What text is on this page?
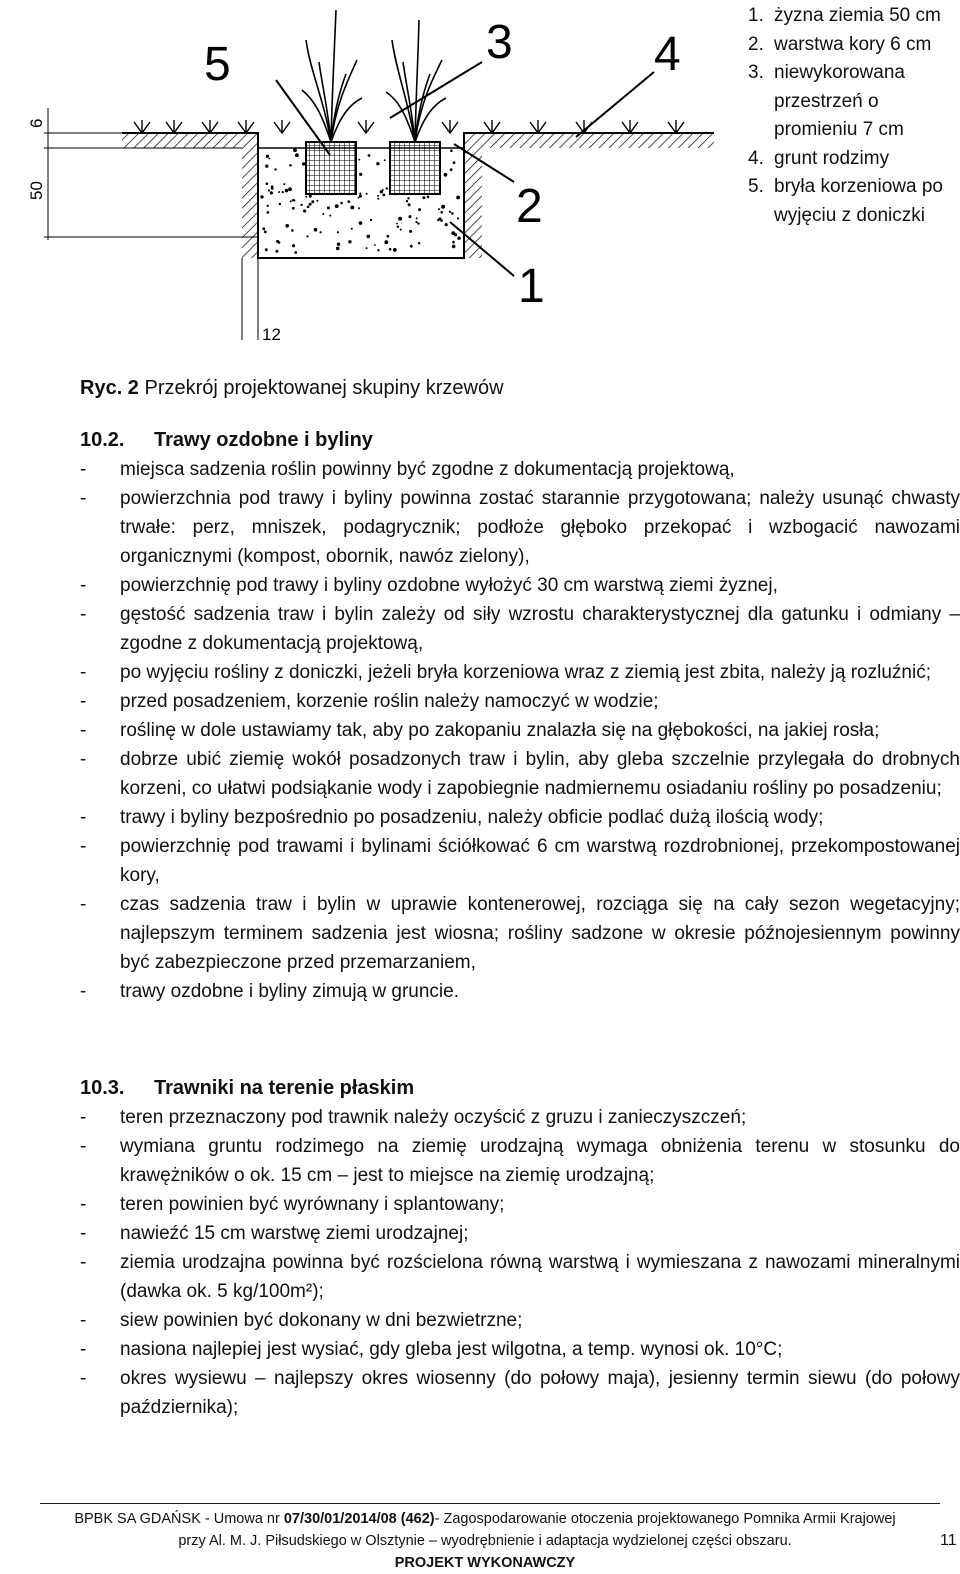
5	3	4
2
1
6
50
12
1. żyzna ziemia 50 cm
2. warstwa kory 6 cm
3. niewykorowana przestrzeń o promieniu 7 cm
4. grunt rodzimy
5. bryła korzeniowa po wyjęciu z doniczki
Ryc. 2 Przekrój projektowanej skupiny krzewów
10.2. Trawy ozdobne i byliny
- miejsca sadzenia roślin powinny być zgodne z dokumentacją projektową,
- powierzchnia pod trawy i byliny powinna zostać starannie przygotowana; należy usunąć chwasty trwałe: perz, mniszek, podagrycznik; podłoże głęboko przekopać i wzbogacić nawozami organicznymi (kompost, obornik, nawóz zielony),
- powierzchnię pod trawy i byliny ozdobne wyłożyć 30 cm warstwą ziemi żyznej,
- gęstość sadzenia traw i bylin zależy od siły wzrostu charakterystycznej dla gatunku i odmiany – zgodne z dokumentacją projektową,
- po wyjęciu rośliny z doniczki, jeżeli bryła korzeniowa wraz z ziemią jest zbita, należy ją rozluźnić;
- przed posadzeniem, korzenie roślin należy namoczyć w wodzie;
- roślinę w dole ustawiamy tak, aby po zakopaniu znalazła się na głębokości, na jakiej rosła;
- dobrze ubić ziemię wokół posadzonych traw i bylin, aby gleba szczelnie przylegała do drobnych korzeni, co ułatwi podsiąkanie wody i zapobiegnie nadmiernemu osiadaniu rośliny po posadzeniu;
- trawy i byliny bezpośrednio po posadzeniu, należy obficie podlać dużą ilością wody;
- powierzchnię pod trawami i bylinami ściółkować 6 cm warstwą rozdrobnionej, przekompostowanej kory,
- czas sadzenia traw i bylin w uprawie kontenerowej, rozciąga się na cały sezon wegetacyjny; najlepszym terminem sadzenia jest wiosna; rośliny sadzone w okresie późnojesiennym powinny być zabezpieczone przed przemarzaniem,
- trawy ozdobne i byliny zimują w gruncie.
10.3. Trawniki na terenie płaskim
- teren przeznaczony pod trawnik należy oczyścić z gruzu i zanieczyszczeń;
- wymiana gruntu rodzimego na ziemię urodzajną wymaga obniżenia terenu w stosunku do krawężników o ok. 15 cm – jest to miejsce na ziemię urodzajną;
- teren powinien być wyrównany i splantowany;
- nawieźć 15 cm warstwę ziemi urodzajnej;
- ziemia urodzajna powinna być rozścielona równą warstwą i wymieszana z nawozami mineralnymi (dawka ok. 5 kg/100m²);
- siew powinien być dokonany w dni bezwietrzne;
- nasiona najlepiej jest wysiać, gdy gleba jest wilgotna, a temp. wynosi ok. 10°C;
- okres wysiewu – najlepszy okres wiosenny (do połowy maja), jesienny termin siewu (do połowy października);
BPBK SA GDAŃSK - Umowa nr 07/30/01/2014/08 (462)- Zagospodarowanie otoczenia projektowanego Pomnika Armii Krajowej
przy Al. M. J. Piłsudskiego w Olsztynie – wyodrębnienie i adaptacja wydzielonej części obszaru.
PROJEKT WYKONAWCZY
11
